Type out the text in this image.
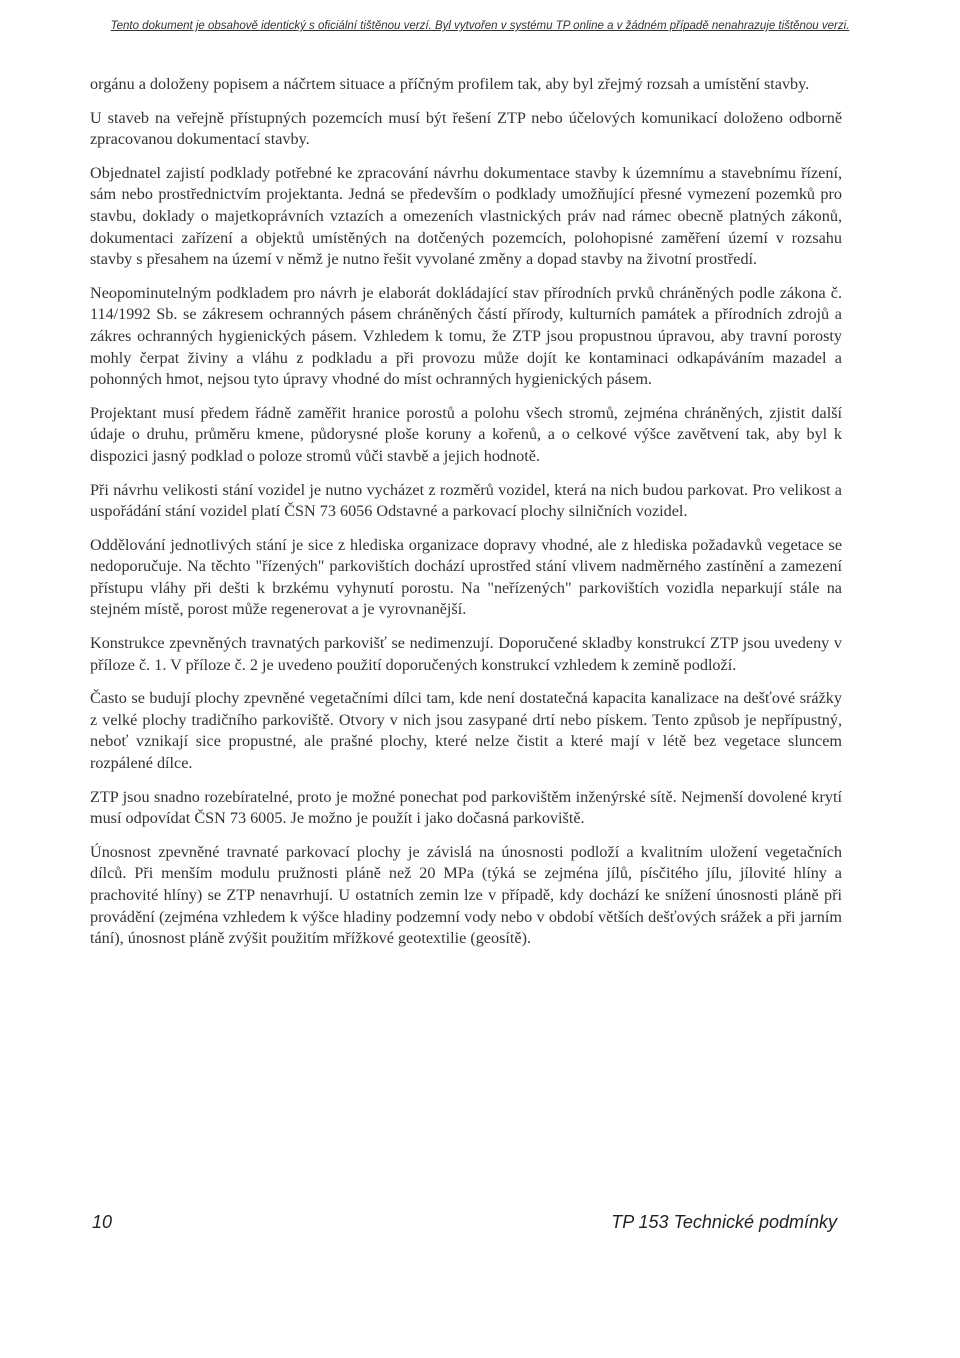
Tento dokument je obsahově identický s oficiální tištěnou verzí. Byl vytvořen v systému TP online a v žádném případě nenahrazuje tištěnou verzi.

orgánu a doloženy popisem a náčrtem situace a příčným profilem tak, aby byl zřejmý rozsah a umístění stavby.

U staveb na veřejně přístupných pozemcích musí být řešení ZTP nebo účelových komunikací doloženo odborně zpracovanou dokumentací stavby.

Objednatel zajistí podklady potřebné ke zpracování návrhu dokumentace stavby k územnímu a stavebnímu řízení, sám nebo prostřednictvím projektanta. Jedná se především o podklady umožňující přesné vymezení pozemků pro stavbu, doklady o majetkoprávních vztazích a omezeních vlastnických práv nad rámec obecně platných zákonů, dokumentaci zařízení a objektů umístěných na dotčených pozemcích, polohopisné zaměření území v rozsahu stavby s přesahem na území v němž je nutno řešit vyvolané změny a dopad stavby na životní prostředí.

Neopominutelným podkladem pro návrh je elaborát dokládající stav přírodních prvků chráněných podle zákona č. 114/1992 Sb. se zákresem ochranných pásem chráněných částí přírody, kulturních památek a přírodních zdrojů a zákres ochranných hygienických pásem. Vzhledem k tomu, že ZTP jsou propustnou úpravou, aby travní porosty mohly čerpat živiny a vláhu z podkladu a při provozu může dojít ke kontaminaci odkapáváním mazadel a pohonných hmot, nejsou tyto úpravy vhodné do míst ochranných hygienických pásem.

Projektant musí předem řádně zaměřit hranice porostů a polohu všech stromů, zejména chráněných, zjistit další údaje o druhu, průměru kmene, půdorysné ploše koruny a kořenů, a o celkové výšce zavětvení tak, aby byl k dispozici jasný podklad o poloze stromů vůči stavbě a jejich hodnotě.

Při návrhu velikosti stání vozidel je nutno vycházet z rozměrů vozidel, která na nich budou parkovat. Pro velikost a uspořádání stání vozidel platí ČSN 73 6056 Odstavné a parkovací plochy silničních vozidel.

Oddělování jednotlivých stání je sice z hlediska organizace dopravy vhodné, ale z hlediska požadavků vegetace se nedoporučuje. Na těchto "řízených" parkovištích dochází uprostřed stání vlivem nadměrného zastínění a zamezení přístupu vláhy při dešti k brzkému vyhynutí porostu. Na "neřízených" parkovištích vozidla neparkují stále na stejném místě, porost může regenerovat a je vyrovnanější.

Konstrukce zpevněných travnatých parkovišť se nedimenzují. Doporučené skladby konstrukcí ZTP jsou uvedeny v příloze č. 1. V příloze č. 2 je uvedeno použití doporučených konstrukcí vzhledem k zemině podloží.

Často se budují plochy zpevněné vegetačními dílci tam, kde není dostatečná kapacita kanalizace na dešťové srážky z velké plochy tradičního parkoviště. Otvory v nich jsou zasypané drtí nebo pískem. Tento způsob je nepřípustný, neboť vznikají sice propustné, ale prašné plochy, které nelze čistit a které mají v létě bez vegetace sluncem rozpálené dílce.

ZTP jsou snadno rozebíratelné, proto je možné ponechat pod parkovištěm inženýrské sítě. Nejmenší dovolené krytí musí odpovídat ČSN 73 6005. Je možno je použít i jako dočasná parkoviště.

Únosnost zpevněné travnaté parkovací plochy je závislá na únosnosti podloží a kvalitním uložení vegetačních dílců. Při menším modulu pružnosti pláně než 20 MPa (týká se zejména jílů, písčitého jílu, jílovité hlíny a prachovité hlíny) se ZTP nenavrhují. U ostatních zemin lze v případě, kdy dochází ke snížení únosnosti pláně při provádění (zejména vzhledem k výšce hladiny podzemní vody nebo v období větších dešťových srážek a při jarním tání), únosnost pláně zvýšit použitím mřížkové geotextilie (geosítě).

10	TP 153 Technické podmínky
